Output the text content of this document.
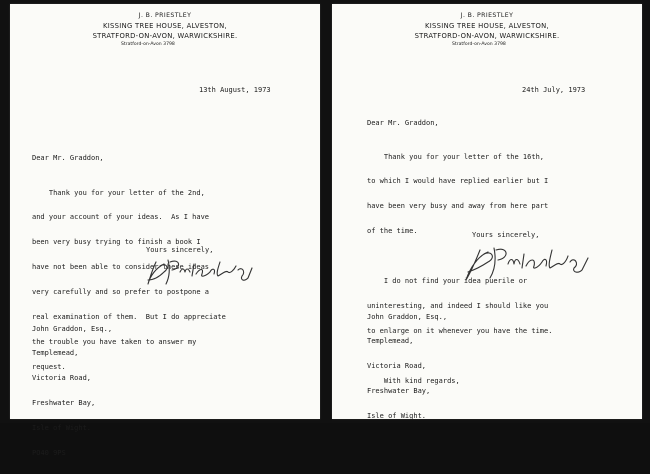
J. B. PRIESTLEY
KISSING TREE HOUSE, ALVESTON,
STRATFORD-ON-AVON, WARWICKSHIRE.
Stratford-on-Avon 3798
13th August, 1973
Dear Mr. Graddon,

Thank you for your letter of the 2nd,

and your account of your ideas.  As I have

been very busy trying to finish a book I

have not been able to consider these ideas

very carefully and so prefer to postpone a

real examination of them.  But I do appreciate

the trouble you have taken to answer my

request.

Yours sincerely,

John Graddon, Esq.,

Templemead,

Victoria Road,

Freshwater Bay,

Isle of Wight.

PO40 9PS

J. B. PRIESTLEY
KISSING TREE HOUSE, ALVESTON,
STRATFORD-ON-AVON, WARWICKSHIRE.
Stratford-on-Avon 3798
24th July, 1973
Dear Mr. Graddon,

Thank you for your letter of the 16th,

to which I would have replied earlier but I

have been very busy and away from here part

of the time.

I do not find your idea puerile or

uninteresting, and indeed I should like you

to enlarge on it whenever you have the time.

With kind regards,

Yours sincerely,

John Graddon, Esq.,

Templemead,

Victoria Road,

Freshwater Bay,

Isle of Wight.
